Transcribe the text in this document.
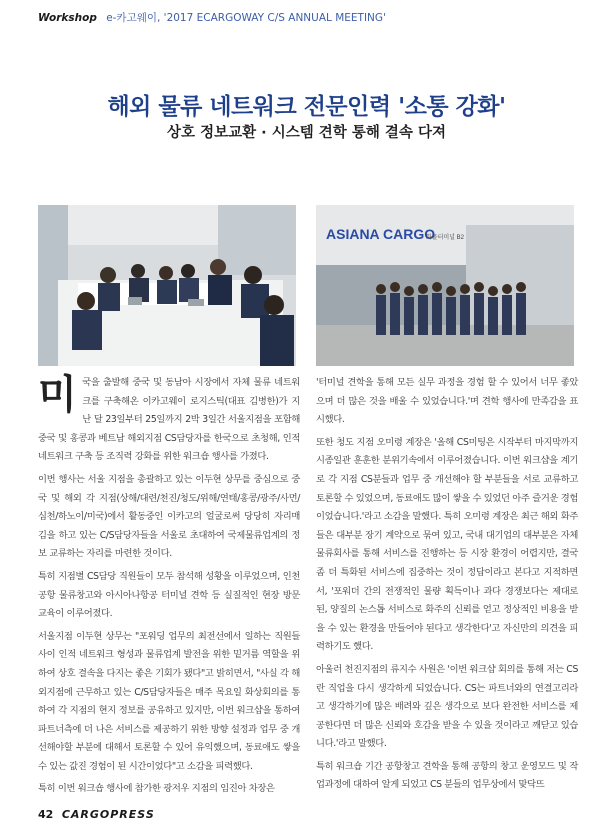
Workshop e-카고웨이, '2017 ECARGOWAY C/S ANNUAL MEETING'
해외 물류 네트워크 전문인력 '소통 강화'
상호 정보교환 · 시스템 견학 통해 결속 다져
ASIANA CARGO
화물터미널 B2

미국을 출발해 중국 및 동남아 시장에서 자체 물류 네트워크를 구축해온 이카고웨이 로지스틱(대표 김병한)가 지난 달 23일부터 25일까지 2박 3일간 서울지점을 포함해 중국 및 홍콩과 베트남 해외지점 CS담당자를 한국으로 초청해, 인적네트워크 구축 등 조직력 강화를 위한 워크숍 행사를 가졌다.

이번 행사는 서울 지점을 총괄하고 있는 이두현 상무를 중심으로 중국 및 해외 각 지점(상해/대련/천진/청도/위해/연태/홍콩/광주/사먼/심천/하노이/미국)에서 활동중인 이카고의 얼굴로써 당당히 자리매김을 하고 있는 C/S담당자들을 서울로 초대하여 국제물류업계의 정보 교류하는 자리를 마련한 것이다.

특히 지점별 CS담당 직원들이 모두 참석해 성황을 이루었으며, 인천공항 물류창고와 아시아나항공 터미널 견학 등 실질적인 현장 방문 교육이 이루어졌다.

서울지점 이두현 상무는 "포워딩 업무의 최전선에서 일하는 직원들 사이 인적 네트워크 형성과 물류업계 발전을 위한 밑거름 역할을 위하여 상호 결속을 다지는 좋은 기회가 됐다"고 밝히면서, "사실 각 해외지점에 근무하고 있는 C/S담당자들은 매주 목요일 화상회의를 통하여 각 지점의 현지 정보를 공유하고 있지만, 이번 워크샵을 통하여 파트너측에 더 나은 서비스를 제공하기 위한 방향 설정과 업무 중 개선해야할 부분에 대해서 토론할 수 있어 유익했으며, 동료애도 쌓을 수 있는 값진 경험이 된 시간이었다"고 소감을 피력했다.

특히 이번 워크숍 행사에 참가한 광저우 지점의 임진아 차장은

'터미널 견학을 통해 모든 실무 과정을 경험 할 수 있어서 너무 좋았으며 더 많은 것을 배울 수 있었습니다.'며 견학 행사에 만족감을 표시했다.

또한 청도 지점 오미령 계장은 '올해 CS미팅은 시작부터 마지막까지 시종일관 훈훈한 분위기속에서 이루어졌습니다. 이번 워크샵을 계기로 각 지점 CS분들과 업무 중 개선해야 할 부분들을 서로 교류하고 토론할 수 있었으며, 동료애도 많이 쌓을 수 있었던 아주 즐거운 경험이었습니다.'라고 소감을 말했다. 특히 오미령 계장은 최근 해외 화주들은 대부분 장기 계약으로 묶여 있고, 국내 대기업의 대부분은 자체 물류회사를 통해 서비스를 진행하는 등 시장 환경이 어렵지만, 결국 좀 더 특화된 서비스에 집중하는 것이 정답이라고 본다고 지적하면서, '포워더 간의 전쟁적인 물량 획득이나 과다 경쟁보다는 제대로 된, 양질의 논스톱 서비스로 화주의 신뢰를 얻고 정상적인 비용을 받을 수 있는 환경을 만들어야 된다고 생각한다'고 자신만의 의견을 피력하기도 했다.

아울러 천진지점의 류지수 사원은 '이번 워크샵 회의를 통해 저는 CS란 직업을 다시 생각하게 되었습니다. CS는 파트너와의 연결고리라고 생각하기에 많은 배려와 깊은 생각으로 보다 완전한 서비스를 제공한다면 더 많은 신뢰와 호감을 받을 수 있을 것이라고 깨닫고 있습니다.'라고 말했다.

특히 워크숍 기간 공항창고 견학을 통해 공항의 창고 운영모드 및 작업과정에 대하여 알게 되었고 CS 분들의 업무상에서 맞닥뜨

42 CARGOPRESS
